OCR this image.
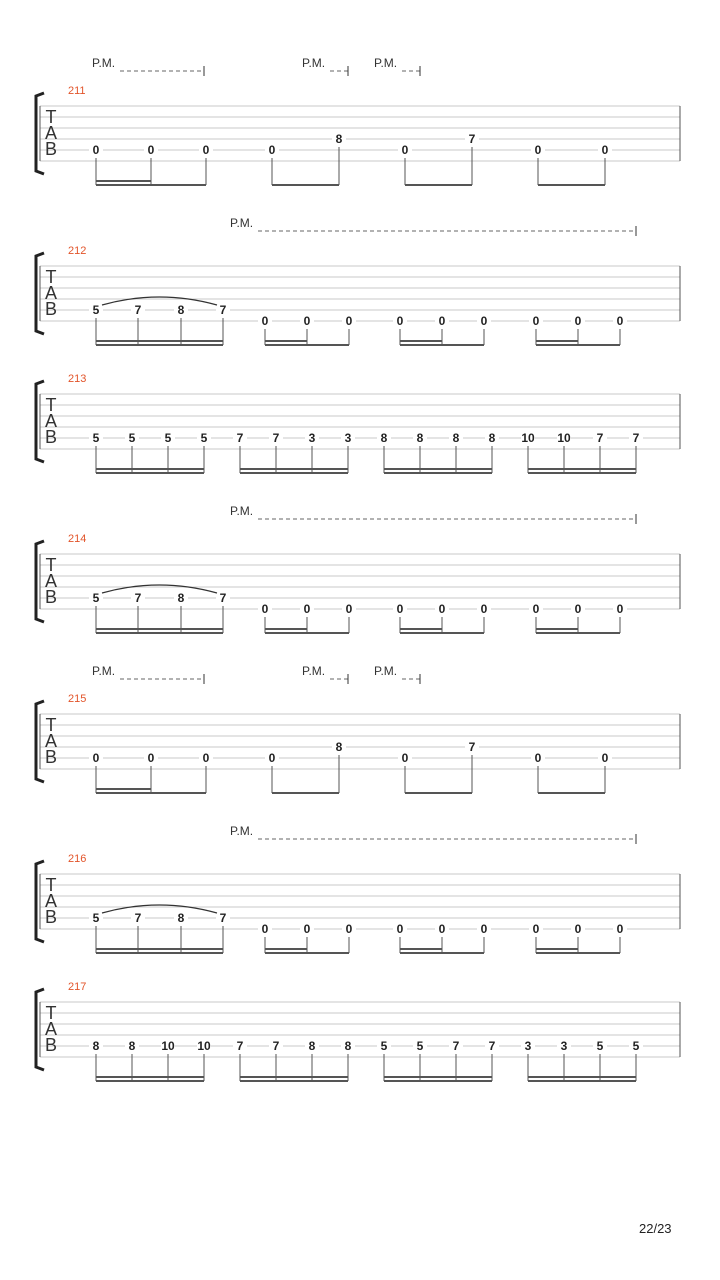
T
A
B
211
P.M.	P.M.	P.M.
0	0	0	0
8
0
7
0	0
T
A
B
212
P.M.
5	7	8	7
0	0	0	0	0	0	0	0	0
T
A
B
213
5 5 5 5 7 7 3 3 8 8 8 8 10 10 7 7
T
A
B
214
P.M.
5	7	8	7
0	0	0	0	0	0	0	0	0
T
A
B
215
P.M.	P.M.	P.M.
0	0	0	0
8
0
7
0	0
T
A
B
216
P.M.
5	7	8	7
0	0	0	0	0	0	0	0	0
T
A
B
217
8 8 10 10 7 7 8 8 5 5 7 7 3 3 5 5
22/23
